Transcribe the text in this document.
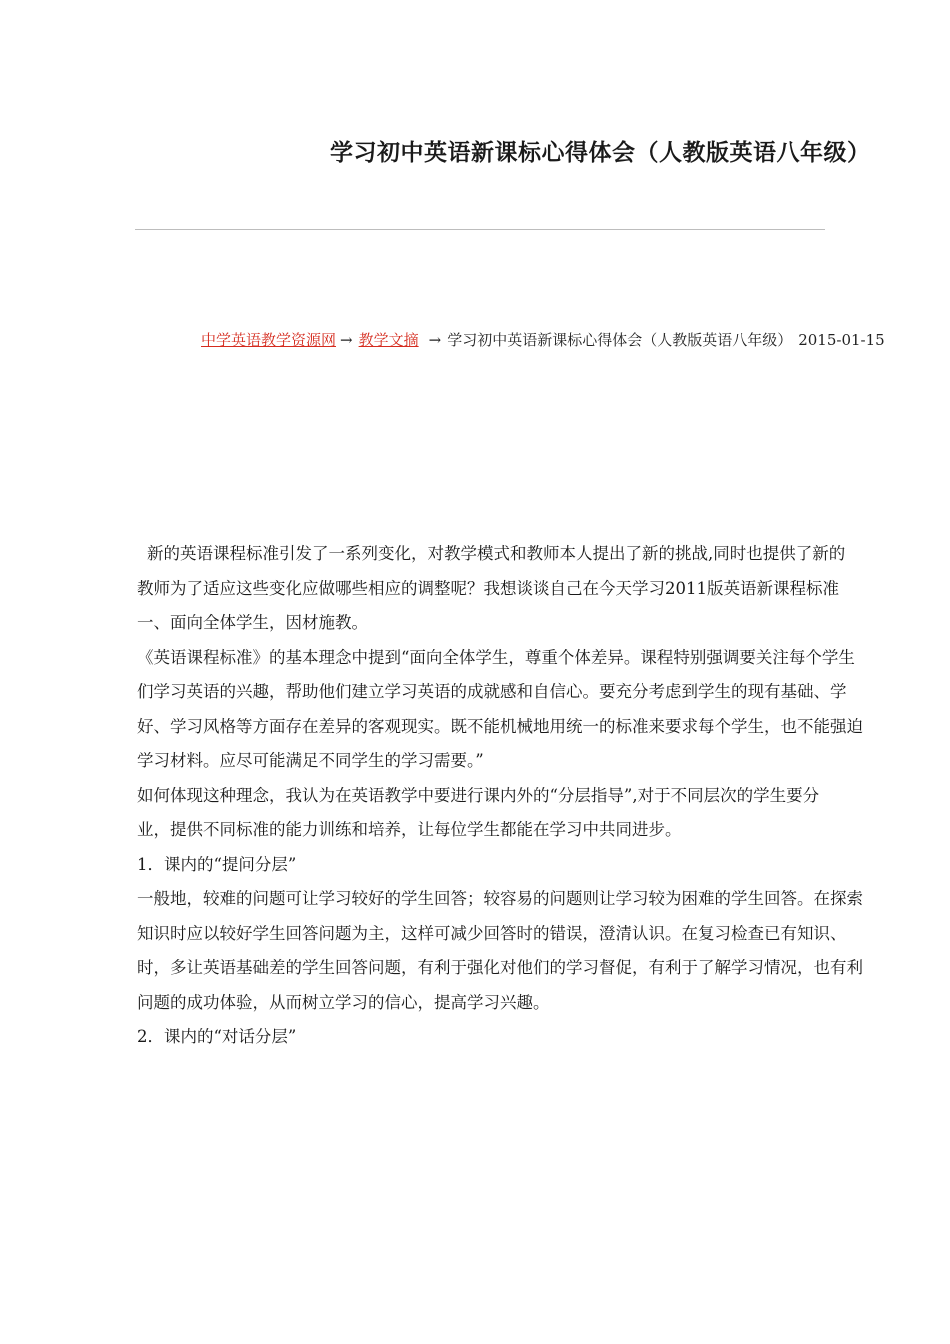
学习初中英语新课标心得体会（人教版英语八年级）
中学英语教学资源网 → 教学文摘 → 学习初中英语新课标心得体会（人教版英语八年级） 2015-01-15

新的英语课程标准引发了一系列变化，对教学模式和教师本人提出了新的挑战,同时也提供了新的

教师为了适应这些变化应做哪些相应的调整呢？我想谈谈自己在今天学习2011版英语新课程标准

一、面向全体学生，因材施教。

《英语课程标准》的基本理念中提到“面向全体学生，尊重个体差异。课程特别强调要关注每个学生

们学习英语的兴趣，帮助他们建立学习英语的成就感和自信心。要充分考虑到学生的现有基础、学

好、学习风格等方面存在差异的客观现实。既不能机械地用统一的标准来要求每个学生，也不能强迫

学习材料。应尽可能满足不同学生的学习需要。”

如何体现这种理念，我认为在英语教学中要进行课内外的“分层指导”,对于不同层次的学生要分

业，提供不同标准的能力训练和培养，让每位学生都能在学习中共同进步。

1．课内的“提问分层”

一般地，较难的问题可让学习较好的学生回答；较容易的问题则让学习较为困难的学生回答。在探索

知识时应以较好学生回答问题为主，这样可减少回答时的错误，澄清认识。在复习检查已有知识、

时，多让英语基础差的学生回答问题，有利于强化对他们的学习督促，有利于了解学习情况，也有利

问题的成功体验，从而树立学习的信心，提高学习兴趣。

2．课内的“对话分层”
